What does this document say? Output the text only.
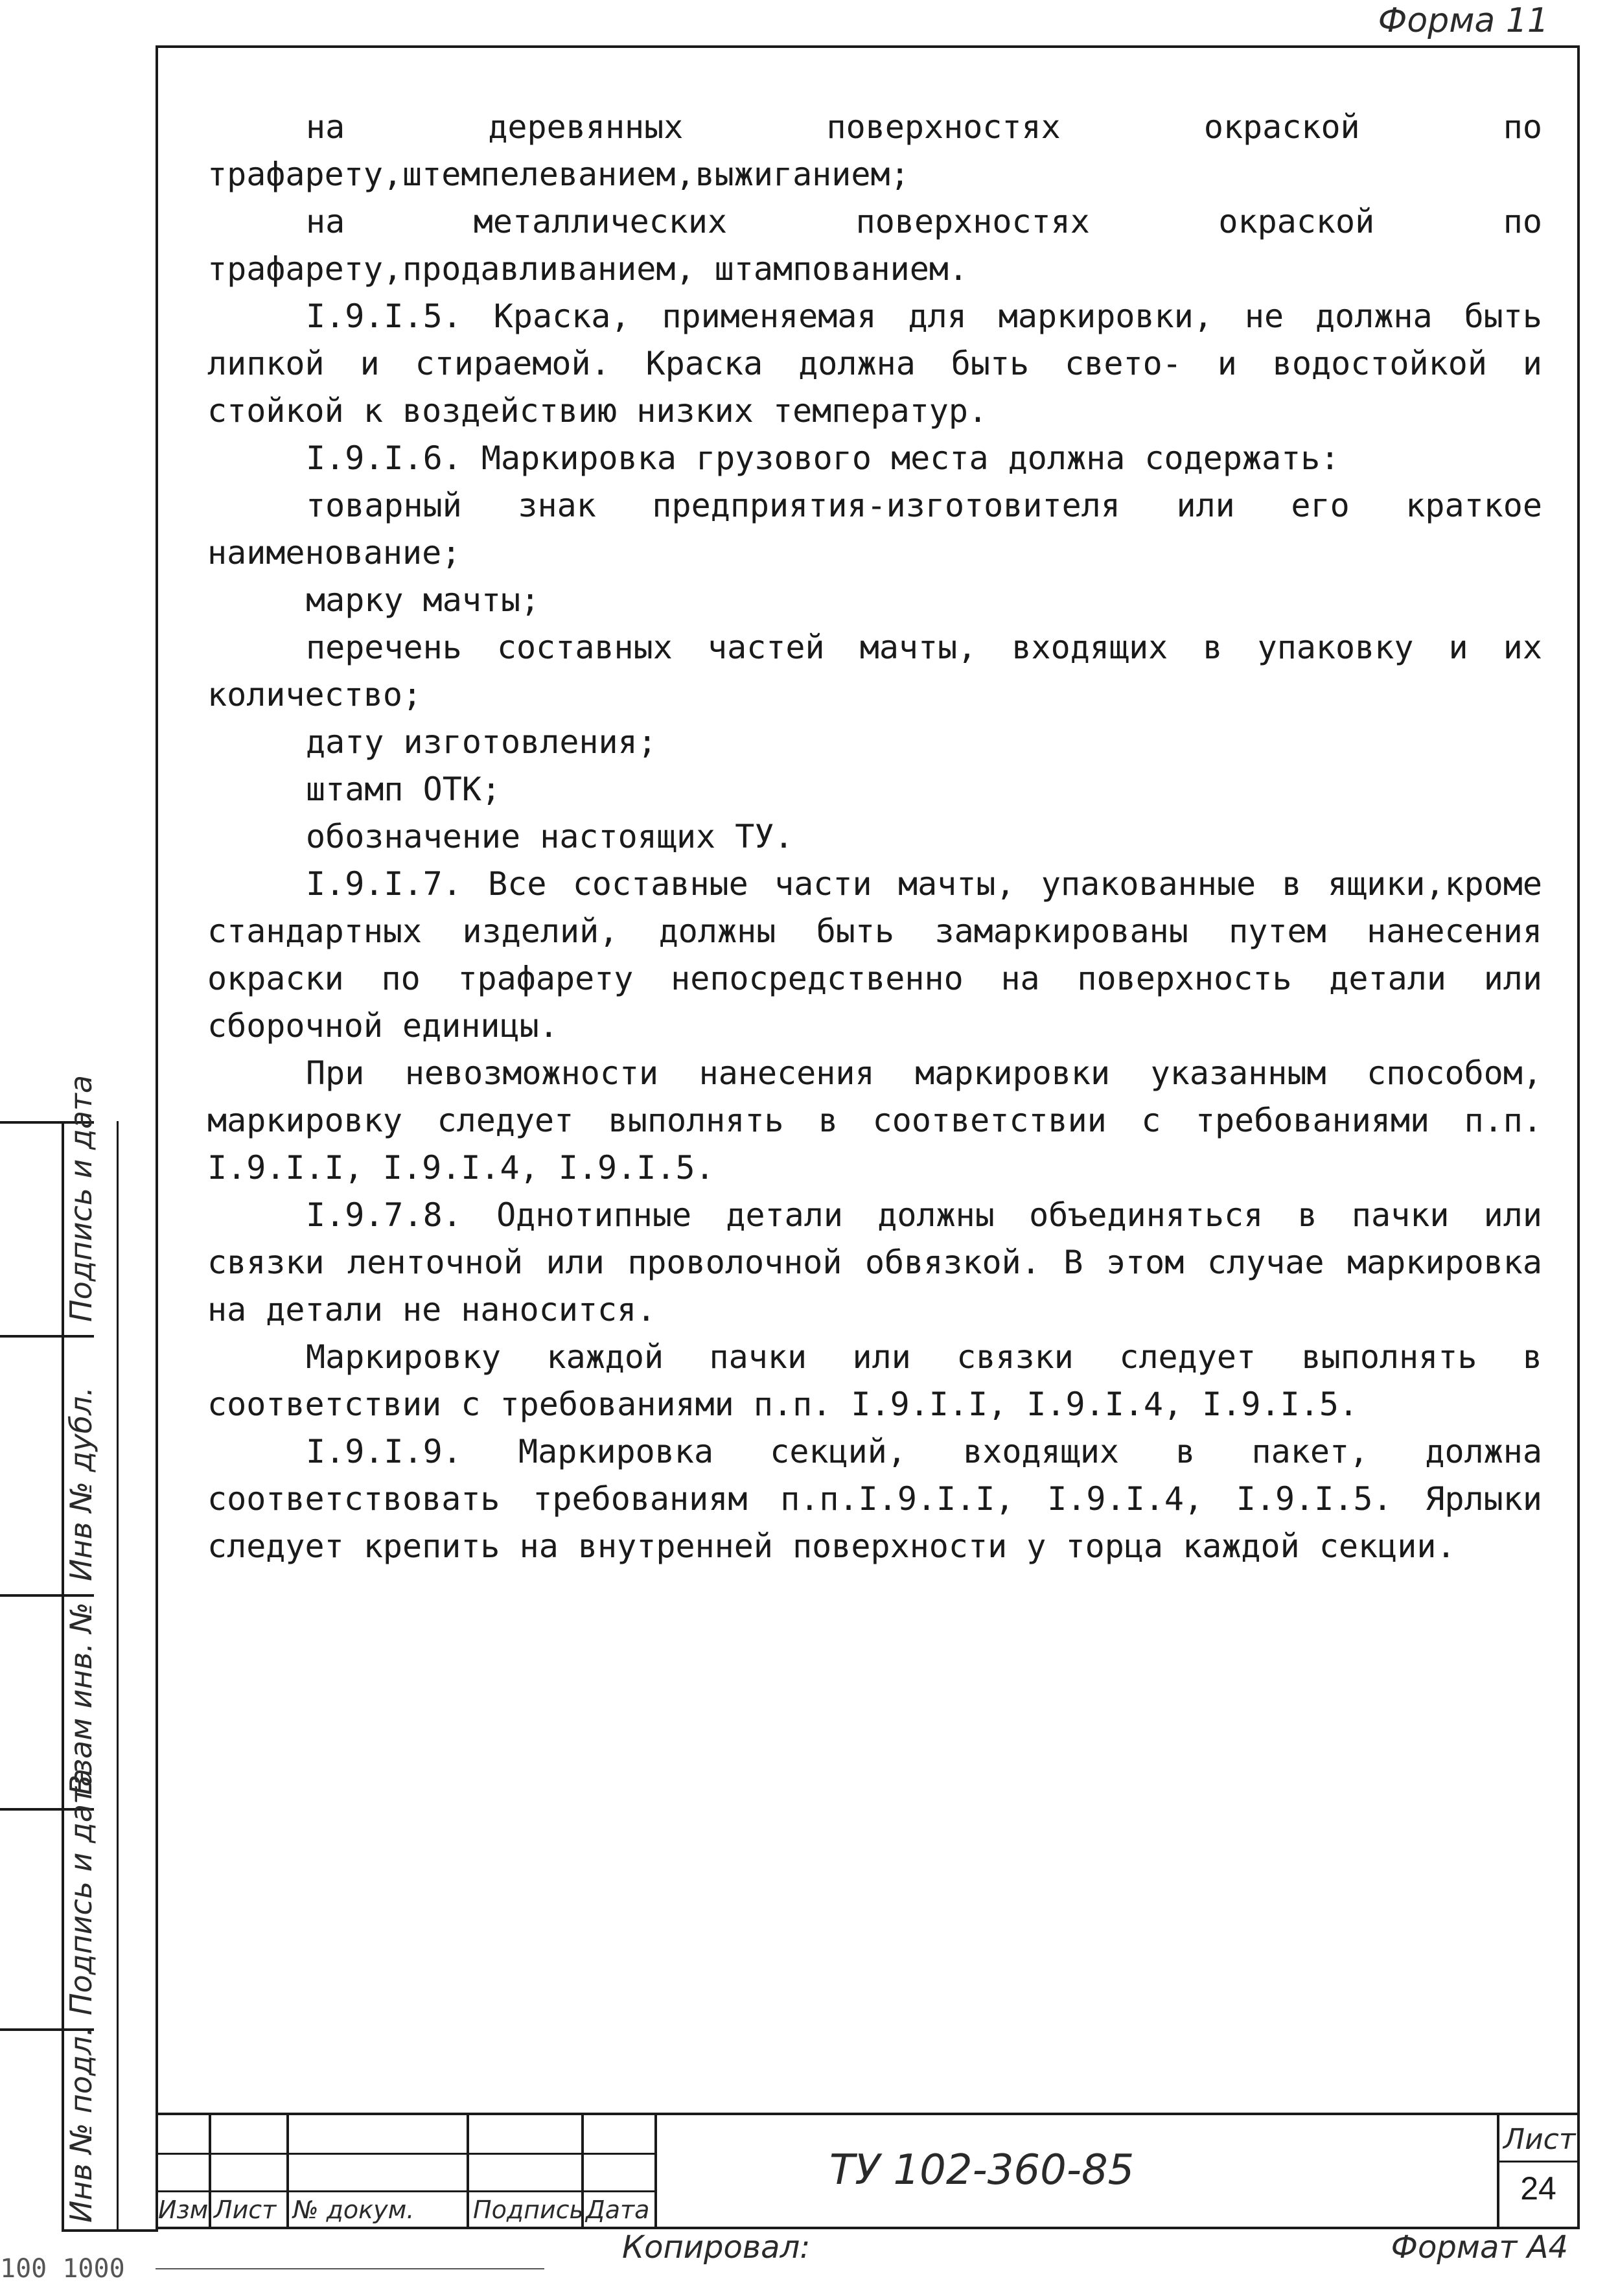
Форма 11
на деревянных поверхностях окраской по трафарету,штемпелеванием,выжиганием;
на металлических поверхностях окраской по трафарету,продавливанием, штампованием.
I.9.I.5. Краска, применяемая для маркировки, не должна быть липкой и стираемой. Краска должна быть свето- и водостойкой и стойкой к воздействию низких температур.
I.9.I.6. Маркировка грузового места должна содержать:
товарный знак предприятия-изготовителя или его краткое наименование;
марку мачты;
перечень составных частей мачты, входящих в упаковку и их количество;
дату изготовления;
штамп ОТК;
обозначение настоящих ТУ.
I.9.I.7. Все составные части мачты, упакованные в ящики,кроме стандартных изделий, должны быть замаркированы путем нанесения окраски по трафарету непосредственно на поверхность детали или сборочной единицы.
При невозможности нанесения маркировки указанным способом, маркировку следует выполнять в соответствии с требованиями п.п. I.9.I.I, I.9.I.4, I.9.I.5.
I.9.7.8. Однотипные детали должны объединяться в пачки или связки ленточной или проволочной обвязкой. В этом случае маркировка на детали не наносится.
Маркировку каждой пачки или связки следует выполнять в соответствии с требованиями п.п. I.9.I.I, I.9.I.4, I.9.I.5.
I.9.I.9. Маркировка секций, входящих в пакет, должна соответствовать требованиям п.п.I.9.I.I, I.9.I.4, I.9.I.5. Ярлыки следует крепить на внутренней поверхности у торца каждой секции.
Инв № подл.
Подпись и дата
Взам инв. №
Инв № дубл.
Подпись и дата
Изм Лист № докум. Подпись Дата
ТУ 102-360-85
Лист
24
Копировал:	Формат А4
100 1000
